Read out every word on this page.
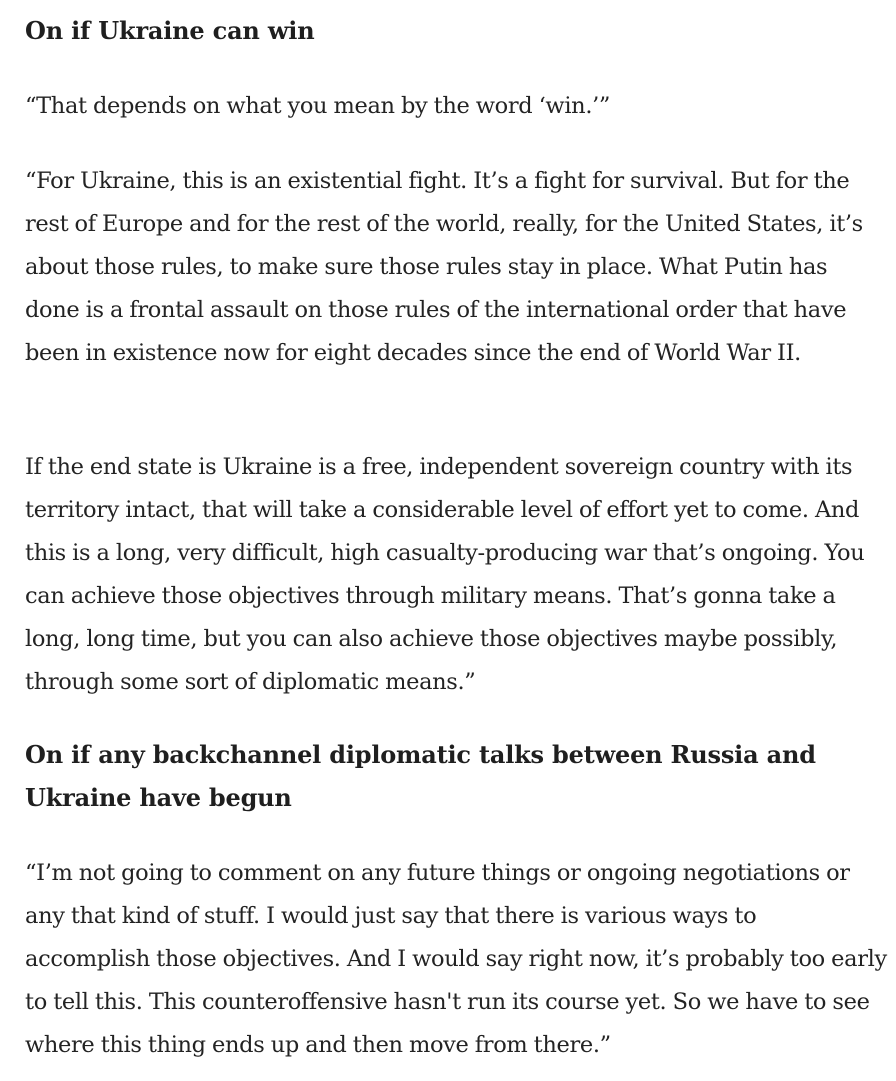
On if Ukraine can win

“That depends on what you mean by the word ‘win.’”

“For Ukraine, this is an existential fight. It’s a fight for survival. But for the rest of Europe and for the rest of the world, really, for the United States, it’s about those rules, to make sure those rules stay in place. What Putin has done is a frontal assault on those rules of the international order that have been in existence now for eight decades since the end of World War II.

If the end state is Ukraine is a free, independent sovereign country with its territory intact, that will take a considerable level of effort yet to come. And this is a long, very difficult, high casualty-producing war that’s ongoing. You can achieve those objectives through military means. That’s gonna take a long, long time, but you can also achieve those objectives maybe possibly, through some sort of diplomatic means.”

On if any backchannel diplomatic talks between Russia and Ukraine have begun

“I’m not going to comment on any future things or ongoing negotiations or any that kind of stuff. I would just say that there is various ways to accomplish those objectives. And I would say right now, it’s probably too early to tell this. This counteroffensive hasn't run its course yet. So we have to see where this thing ends up and then move from there.”
